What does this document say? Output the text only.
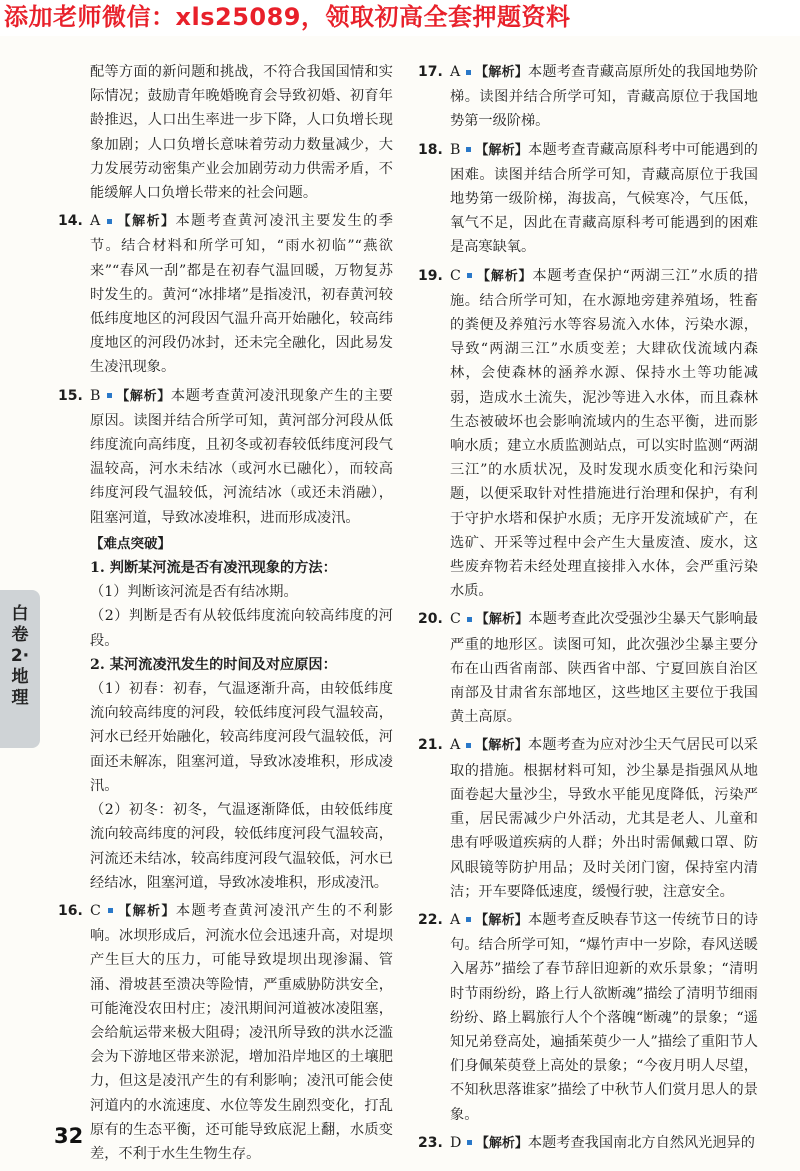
添加老师微信：xls25089，领取初高全套押题资料
配等方面的新问题和挑战，不符合我国国情和实际情况；鼓励青年晚婚晚育会导致初婚、初育年龄推迟，人口出生率进一步下降，人口负增长现象加剧；人口负增长意味着劳动力数量减少，大力发展劳动密集产业会加剧劳动力供需矛盾，不能缓解人口负增长带来的社会问题。
14. A 【解析】本题考查黄河凌汛主要发生的季节。结合材料和所学可知，“雨水初临”“燕欲来”“春风一刮”都是在初春气温回暖，万物复苏时发生的。黄河“冰排堵”是指凌汛，初春黄河较低纬度地区的河段因气温升高开始融化，较高纬度地区的河段仍冰封，还未完全融化，因此易发生凌汛现象。
15. B 【解析】本题考查黄河凌汛现象产生的主要原因。读图并结合所学可知，黄河部分河段从低纬度流向高纬度，且初冬或初春较低纬度河段气温较高，河水未结冰（或河水已融化），而较高纬度河段气温较低，河流结冰（或还未消融），阻塞河道，导致冰凌堆积，进而形成凌汛。
【难点突破】
1. 判断某河流是否有凌汛现象的方法：
（1）判断该河流是否有结冰期。
（2）判断是否有从较低纬度流向较高纬度的河段。
2. 某河流凌汛发生的时间及对应原因：
（1）初春：初春，气温逐渐升高，由较低纬度流向较高纬度的河段，较低纬度河段气温较高，河水已经开始融化，较高纬度河段气温较低，河面还未解冻，阻塞河道，导致冰凌堆积，形成凌汛。
（2）初冬：初冬，气温逐渐降低，由较低纬度流向较高纬度的河段，较低纬度河段气温较高，河流还未结冰，较高纬度河段气温较低，河水已经结冰，阻塞河道，导致冰凌堆积，形成凌汛。
16. C 【解析】本题考查黄河凌汛产生的不利影响。冰坝形成后，河流水位会迅速升高，对堤坝产生巨大的压力，可能导致堤坝出现渗漏、管涌、滑坡甚至溃决等险情，严重威胁防洪安全，可能淹没农田村庄；凌汛期间河道被冰凌阻塞，会给航运带来极大阻碍；凌汛所导致的洪水泛滥会为下游地区带来淤泥，增加沿岸地区的土壤肥力，但这是凌汛产生的有利影响；凌汛可能会使河道内的水流速度、水位等发生剧烈变化，打乱原有的生态平衡，还可能导致底泥上翻，水质变差，不利于水生生物生存。
17. A 【解析】本题考查青藏高原所处的我国地势阶梯。读图并结合所学可知，青藏高原位于我国地势第一级阶梯。
18. B 【解析】本题考查青藏高原科考中可能遇到的困难。读图并结合所学可知，青藏高原位于我国地势第一级阶梯，海拔高，气候寒冷，气压低，氧气不足，因此在青藏高原科考可能遇到的困难是高寒缺氧。
19. C 【解析】本题考查保护“两湖三江”水质的措施。结合所学可知，在水源地旁建养殖场，牲畜的粪便及养殖污水等容易流入水体，污染水源，导致“两湖三江”水质变差；大肆砍伐流域内森林，会使森林的涵养水源、保持水土等功能减弱，造成水土流失，泥沙等进入水体，而且森林生态被破坏也会影响流域内的生态平衡，进而影响水质；建立水质监测站点，可以实时监测“两湖三江”的水质状况，及时发现水质变化和污染问题，以便采取针对性措施进行治理和保护，有利于守护水塔和保护水质；无序开发流域矿产，在选矿、开采等过程中会产生大量废渣、废水，这些废弃物若未经处理直接排入水体，会严重污染水质。
20. C 【解析】本题考查此次受强沙尘暴天气影响最严重的地形区。读图可知，此次强沙尘暴主要分布在山西省南部、陕西省中部、宁夏回族自治区南部及甘肃省东部地区，这些地区主要位于我国黄土高原。
21. A 【解析】本题考查为应对沙尘天气居民可以采取的措施。根据材料可知，沙尘暴是指强风从地面卷起大量沙尘，导致水平能见度降低，污染严重，居民需减少户外活动，尤其是老人、儿童和患有呼吸道疾病的人群；外出时需佩戴口罩、防风眼镜等防护用品；及时关闭门窗，保持室内清洁；开车要降低速度，缓慢行驶，注意安全。
22. A 【解析】本题考查反映春节这一传统节日的诗句。结合所学可知，“爆竹声中一岁除，春风送暖入屠苏”描绘了春节辞旧迎新的欢乐景象；“清明时节雨纷纷，路上行人欲断魂”描绘了清明节细雨纷纷、路上羁旅行人个个落魄“断魂”的景象；“遥知兄弟登高处，遍插茱萸少一人”描绘了重阳节人们身佩茱萸登上高处的景象；“今夜月明人尽望，不知秋思落谁家”描绘了中秋节人们赏月思人的景象。
23. D 【解析】本题考查我国南北方自然风光迥异的
白卷2·地理
32
